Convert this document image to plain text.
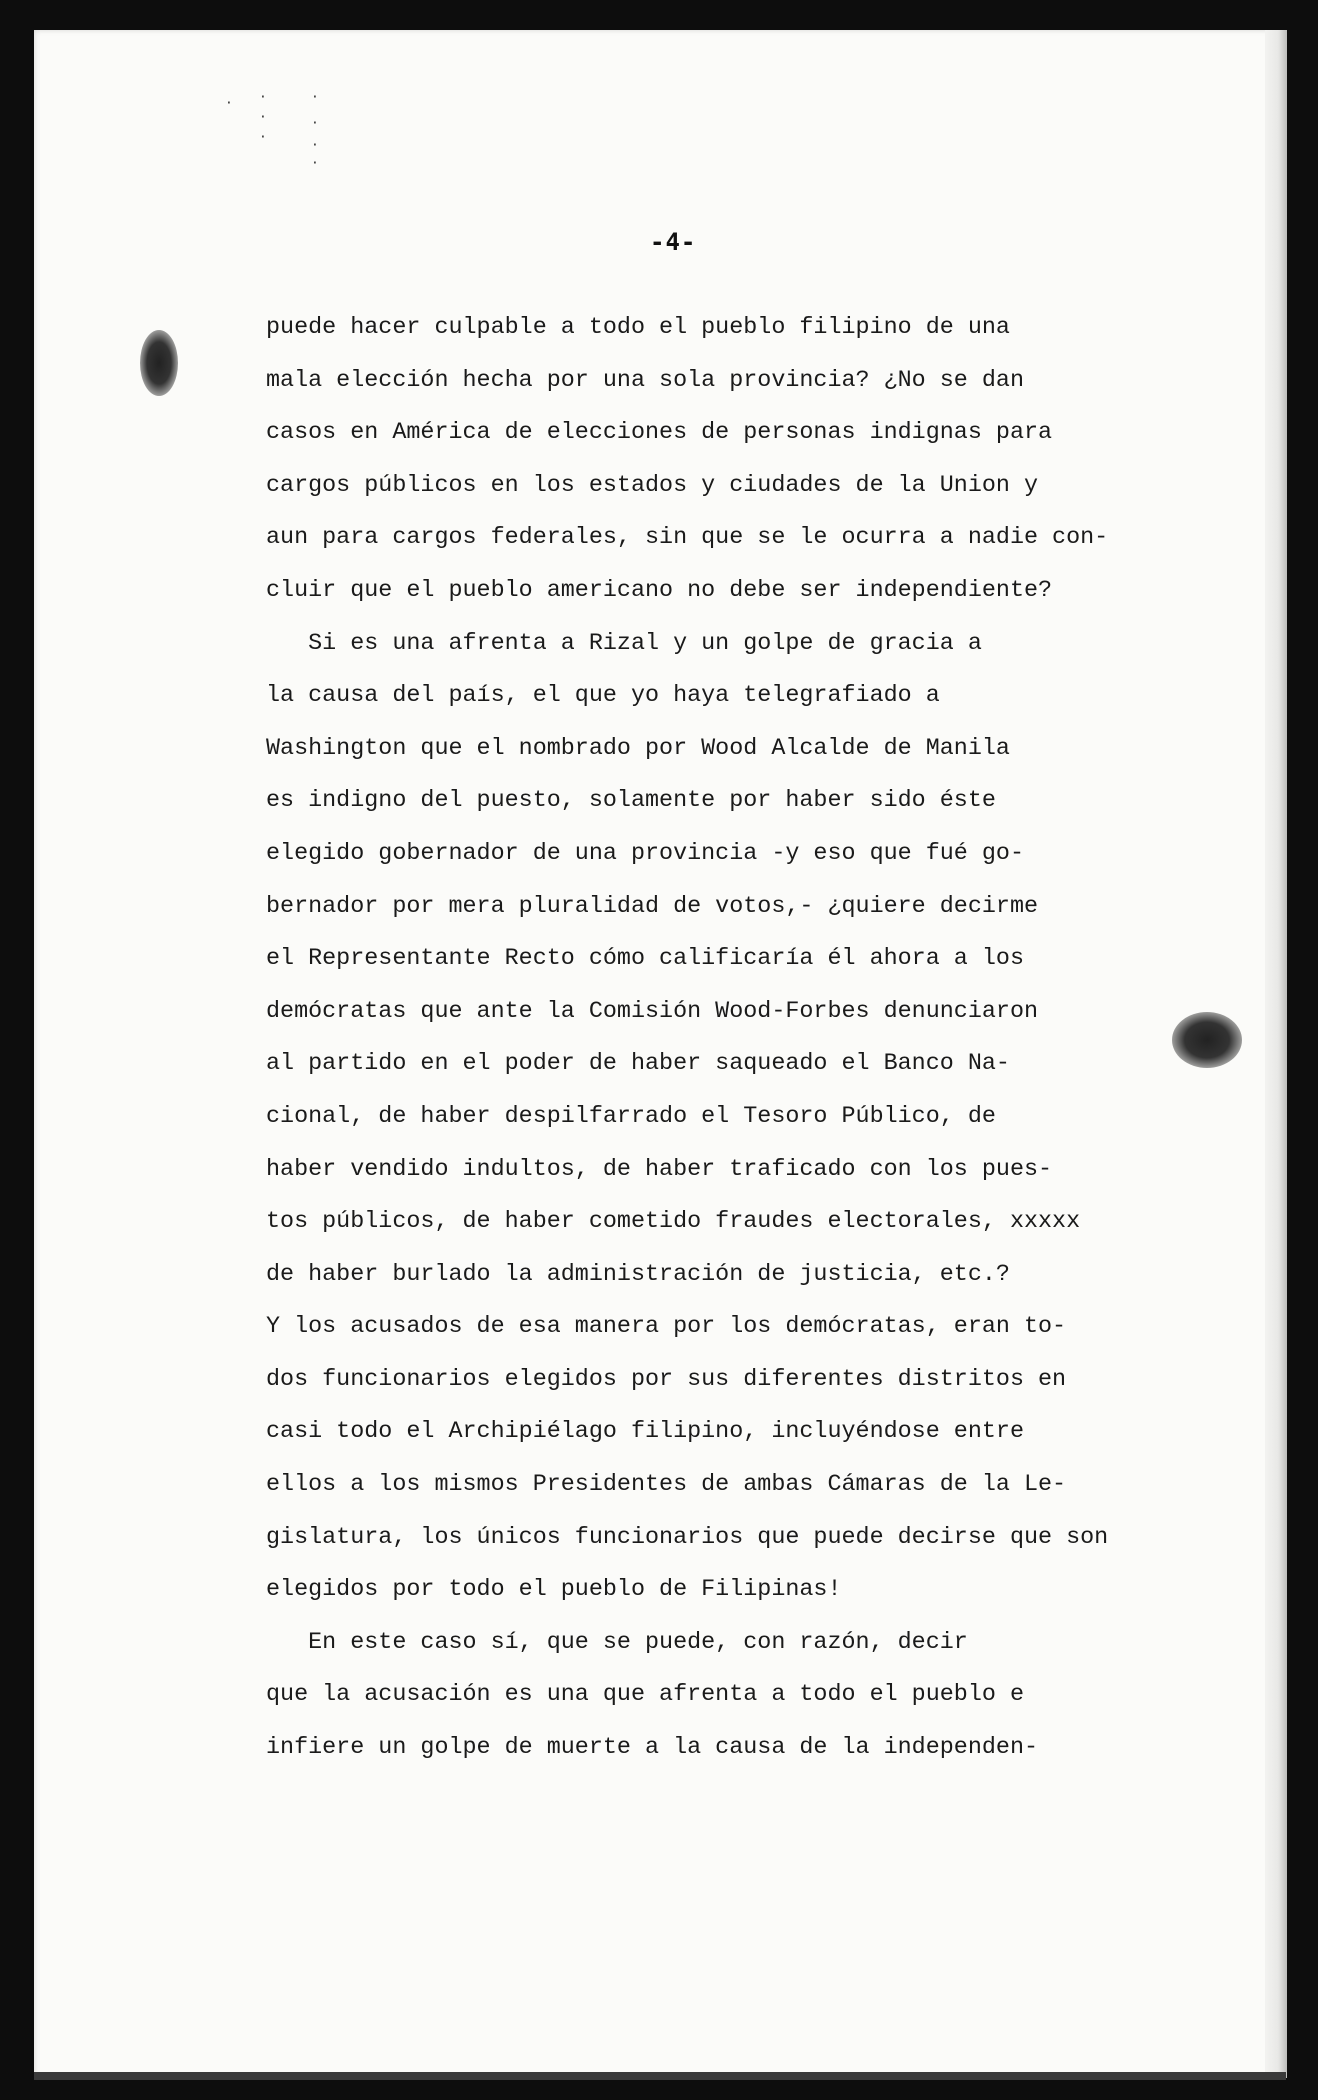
· ·
·
·
·
·
·
·
-4-
puede hacer culpable a todo el pueblo filipino de una
mala elección hecha por una sola provincia? ¿No se dan
casos en América de elecciones de personas indignas para
cargos públicos en los estados y ciudades de la Union y
aun para cargos federales, sin que se le ocurra a nadie con-
cluir que el pueblo americano no debe ser independiente?
Si es una afrenta a Rizal y un golpe de gracia a
la causa del país, el que yo haya telegrafiado a
Washington que el nombrado por Wood Alcalde de Manila
es indigno del puesto, solamente por haber sido éste
elegido gobernador de una provincia -y eso que fué go-
bernador por mera pluralidad de votos,- ¿quiere decirme
el Representante Recto cómo calificaría él ahora a los
demócratas que ante la Comisión Wood-Forbes denunciaron
al partido en el poder de haber saqueado el Banco Na-
cional, de haber despilfarrado el Tesoro Público, de
haber vendido indultos, de haber traficado con los pues-
tos públicos, de haber cometido fraudes electorales, xxxxx
de haber burlado la administración de justicia, etc.?
Y los acusados de esa manera por los demócratas, eran to-
dos funcionarios elegidos por sus diferentes distritos en
casi todo el Archipiélago filipino, incluyéndose entre
ellos a los mismos Presidentes de ambas Cámaras de la Le-
gislatura, los únicos funcionarios que puede decirse que son
elegidos por todo el pueblo de Filipinas!
En este caso sí, que se puede, con razón, decir
que la acusación es una que afrenta a todo el pueblo e
infiere un golpe de muerte a la causa de la independen-
